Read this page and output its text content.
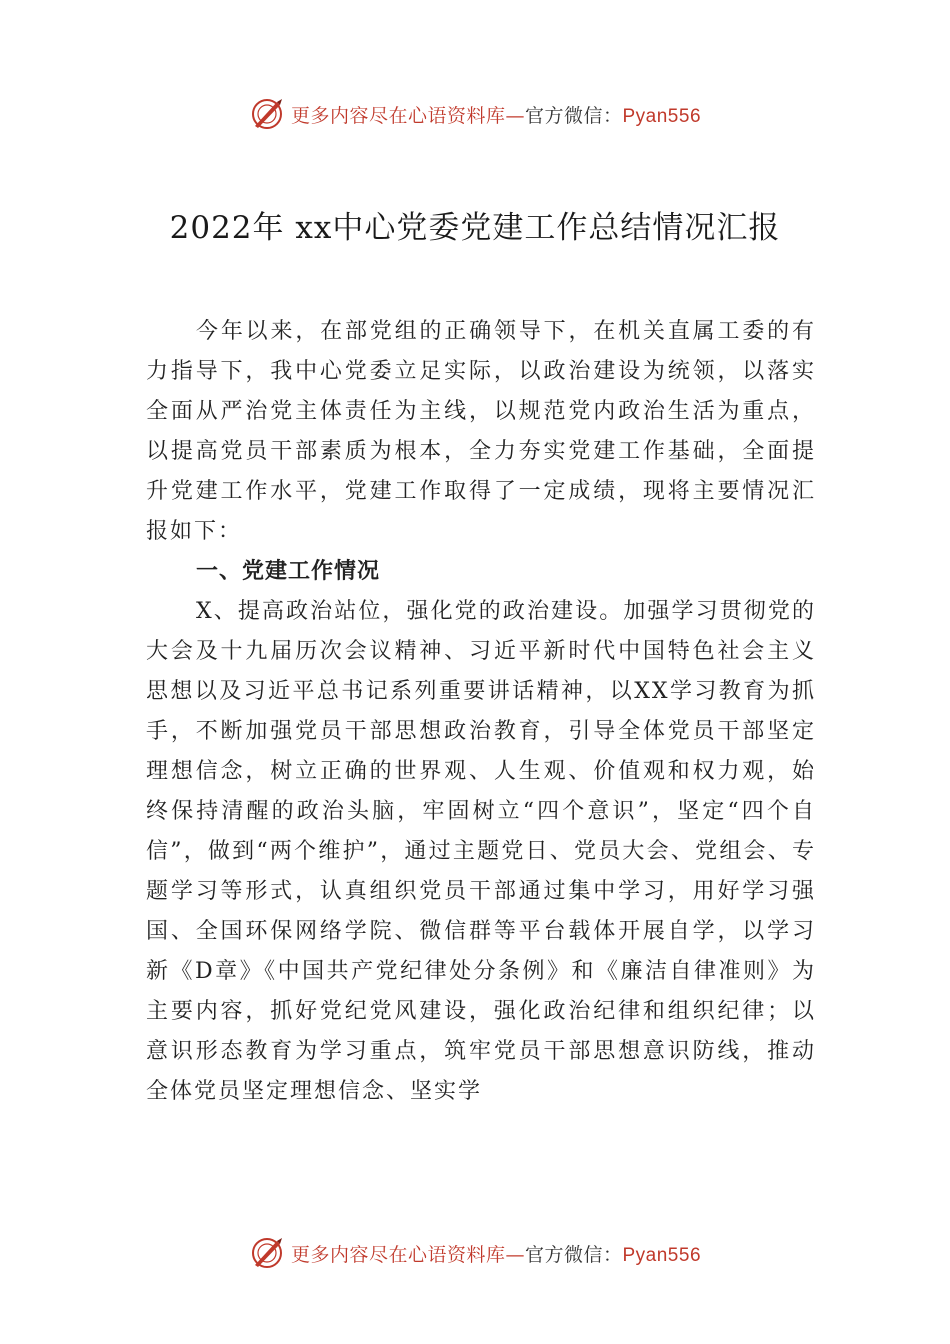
更多内容尽在心语资料库—官方微信：Pyan556
2022年 xx中心党委党建工作总结情况汇报

今年以来，在部党组的正确领导下，在机关直属工委的有力指导下，我中心党委立足实际，以政治建设为统领，以落实全面从严治党主体责任为主线，以规范党内政治生活为重点，以提高党员干部素质为根本，全力夯实党建工作基础，全面提升党建工作水平，党建工作取得了一定成绩，现将主要情况汇报如下：

一、党建工作情况

X、提高政治站位，强化党的政治建设。加强学习贯彻党的大会及十九届历次会议精神、习近平新时代中国特色社会主义思想以及习近平总书记系列重要讲话精神，以XX学习教育为抓手，不断加强党员干部思想政治教育，引导全体党员干部坚定理想信念，树立正确的世界观、人生观、价值观和权力观，始终保持清醒的政治头脑，牢固树立“四个意识”，坚定“四个自信”，做到“两个维护”，通过主题党日、党员大会、党组会、专题学习等形式，认真组织党员干部通过集中学习，用好学习强国、全国环保网络学院、微信群等平台载体开展自学，以学习新《D章》《中国共产党纪律处分条例》和《廉洁自律准则》为主要内容，抓好党纪党风建设，强化政治纪律和组织纪律；以意识形态教育为学习重点，筑牢党员干部思想意识防线，推动全体党员坚定理想信念、坚实学

更多内容尽在心语资料库—官方微信：Pyan556
